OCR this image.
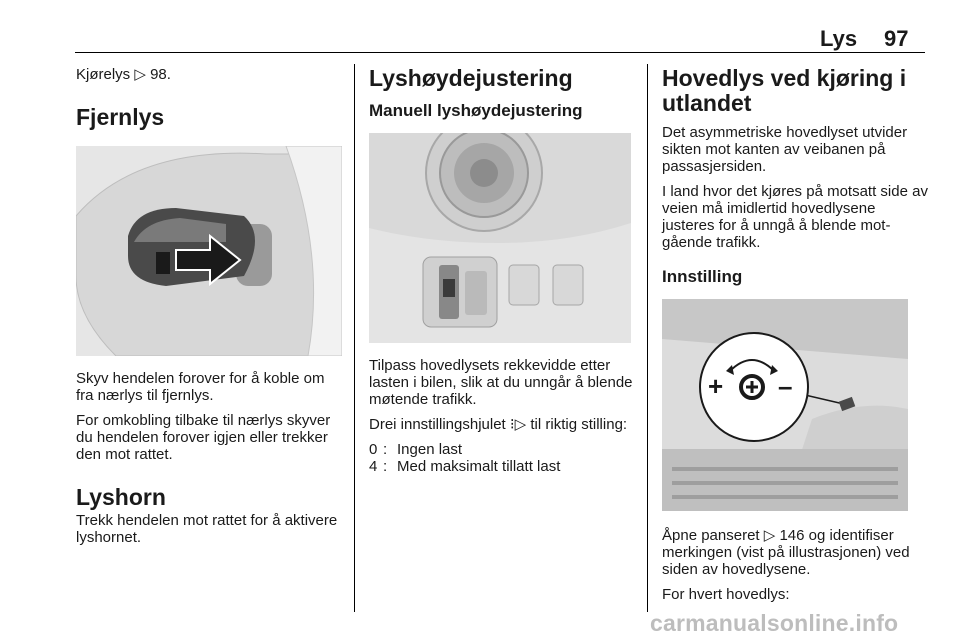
Lys 97

Kjørelys ▷ 98.

Fjernlys

Skyv hendelen forover for å koble om fra nærlys til fjernlys.

For omkobling tilbake til nærlys skyver du hendelen forover igjen eller trekker den mot rattet.

Lyshorn

Trekk hendelen mot rattet for å aktivere lyshornet.

Lyshøydejustering
Manuell lyshøydejustering

Tilpass hovedlysets rekkevidde etter lasten i bilen, slik at du unngår å blende møtende trafikk.

Drei innstillingshjulet ⁝▷ til riktig stilling:

0 : Ingen last
4 : Med maksimalt tillatt last
Hovedlys ved kjøring i utlandet

Det asymmetriske hovedlyset utvider sikten mot kanten av veibanen på passasjersiden.

I land hvor det kjøres på motsatt side av veien må imidlertid hovedlysene justeres for å unngå å blende motgående trafikk.

Innstilling
+ –

Åpne panseret ▷ 146 og identifiser merkingen (vist på illustrasjonen) ved siden av hovedlysene.

For hvert hovedlys:

carmanualsonline.info
